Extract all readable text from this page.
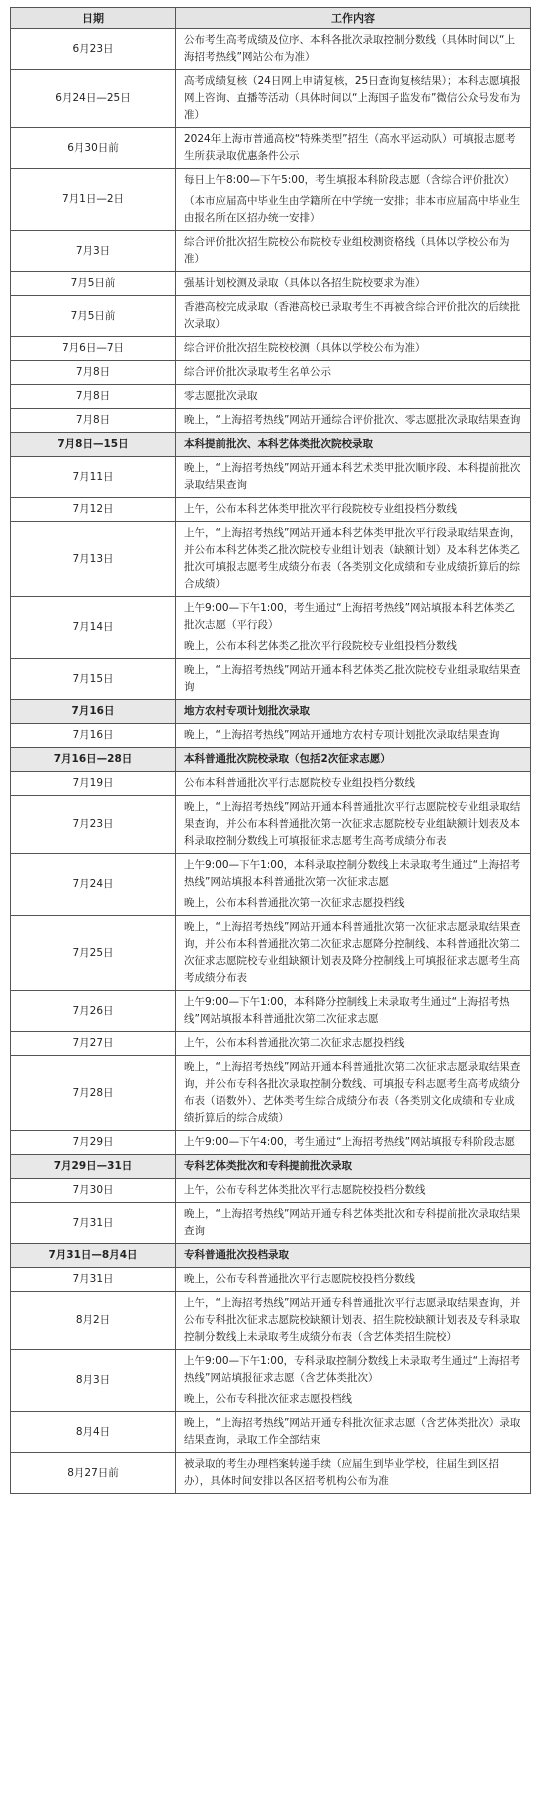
日期	工作内容
6月23日	公布考生高考成绩及位序、本科各批次录取控制分数线（具体时间以“上海招考热线”网站公布为准）

6月24日—25日	高考成绩复核（24日网上申请复核，25日查询复核结果）；本科志愿填报网上咨询、直播等活动（具体时间以“上海国子监发布”微信公众号发布为准）

6月30日前	2024年上海市普通高校“特殊类型”招生（高水平运动队）可填报志愿考生所获录取优惠条件公示

7月1日—2日	每日上午8:00—下午5:00，考生填报本科阶段志愿（含综合评价批次）
（本市应届高中毕业生由学籍所在中学统一安排；非本市应届高中毕业生由报名所在区招办统一安排）

7月3日	综合评价批次招生院校公布院校专业组校测资格线（具体以学校公布为准）

7月5日前	强基计划校测及录取（具体以各招生院校要求为准）

7月5日前	香港高校完成录取（香港高校已录取考生不再被含综合评价批次的后续批次录取）

7月6日—7日	综合评价批次招生院校校测（具体以学校公布为准）

7月8日	综合评价批次录取考生名单公示

7月8日	零志愿批次录取

7月8日	晚上，“上海招考热线”网站开通综合评价批次、零志愿批次录取结果查询

7月8日—15日	本科提前批次、本科艺体类批次院校录取

7月11日	晚上，“上海招考热线”网站开通本科艺术类甲批次顺序段、本科提前批次录取结果查询

7月12日	上午，公布本科艺体类甲批次平行段院校专业组投档分数线

7月13日	上午，“上海招考热线”网站开通本科艺体类甲批次平行段录取结果查询，并公布本科艺体类乙批次院校专业组计划表（缺额计划）及本科艺体类乙批次可填报志愿考生成绩分布表（各类别文化成绩和专业成绩折算后的综合成绩）

7月14日	上午9:00—下午1:00，考生通过“上海招考热线”网站填报本科艺体类乙批次志愿（平行段）
晚上，公布本科艺体类乙批次平行段院校专业组投档分数线

7月15日	晚上，“上海招考热线”网站开通本科艺体类乙批次院校专业组录取结果查询

7月16日	地方农村专项计划批次录取

7月16日	晚上，“上海招考热线”网站开通地方农村专项计划批次录取结果查询

7月16日—28日	本科普通批次院校录取（包括2次征求志愿）

7月19日	公布本科普通批次平行志愿院校专业组投档分数线

7月23日	晚上，“上海招考热线”网站开通本科普通批次平行志愿院校专业组录取结果查询，并公布本科普通批次第一次征求志愿院校专业组缺额计划表及本科录取控制分数线上可填报征求志愿考生高考成绩分布表

7月24日	上午9:00—下午1:00，本科录取控制分数线上未录取考生通过“上海招考热线”网站填报本科普通批次第一次征求志愿
晚上，公布本科普通批次第一次征求志愿投档线

7月25日	晚上，“上海招考热线”网站开通本科普通批次第一次征求志愿录取结果查询，并公布本科普通批次第二次征求志愿降分控制线、本科普通批次第二次征求志愿院校专业组缺额计划表及降分控制线上可填报征求志愿考生高考成绩分布表

7月26日	上午9:00—下午1:00，本科降分控制线上未录取考生通过“上海招考热线”网站填报本科普通批次第二次征求志愿

7月27日	上午，公布本科普通批次第二次征求志愿投档线

7月28日	晚上，“上海招考热线”网站开通本科普通批次第二次征求志愿录取结果查询，并公布专科各批次录取控制分数线、可填报专科志愿考生高考成绩分布表（语数外）、艺体类考生综合成绩分布表（各类别文化成绩和专业成绩折算后的综合成绩）

7月29日	上午9:00—下午4:00，考生通过“上海招考热线”网站填报专科阶段志愿

7月29日—31日	专科艺体类批次和专科提前批次录取

7月30日	上午，公布专科艺体类批次平行志愿院校投档分数线

7月31日	晚上，“上海招考热线”网站开通专科艺体类批次和专科提前批次录取结果查询

7月31日—8月4日	专科普通批次投档录取

7月31日	晚上，公布专科普通批次平行志愿院校投档分数线

8月2日	上午，“上海招考热线”网站开通专科普通批次平行志愿录取结果查询，并公布专科批次征求志愿院校缺额计划表、招生院校缺额计划表及专科录取控制分数线上未录取考生成绩分布表（含艺体类招生院校）

8月3日	上午9:00—下午1:00，专科录取控制分数线上未录取考生通过“上海招考热线”网站填报征求志愿（含艺体类批次）
晚上，公布专科批次征求志愿投档线

8月4日	晚上，“上海招考热线”网站开通专科批次征求志愿（含艺体类批次）录取结果查询，录取工作全部结束

8月27日前	被录取的考生办理档案转递手续（应届生到毕业学校，往届生到区招办），具体时间安排以各区招考机构公布为准
